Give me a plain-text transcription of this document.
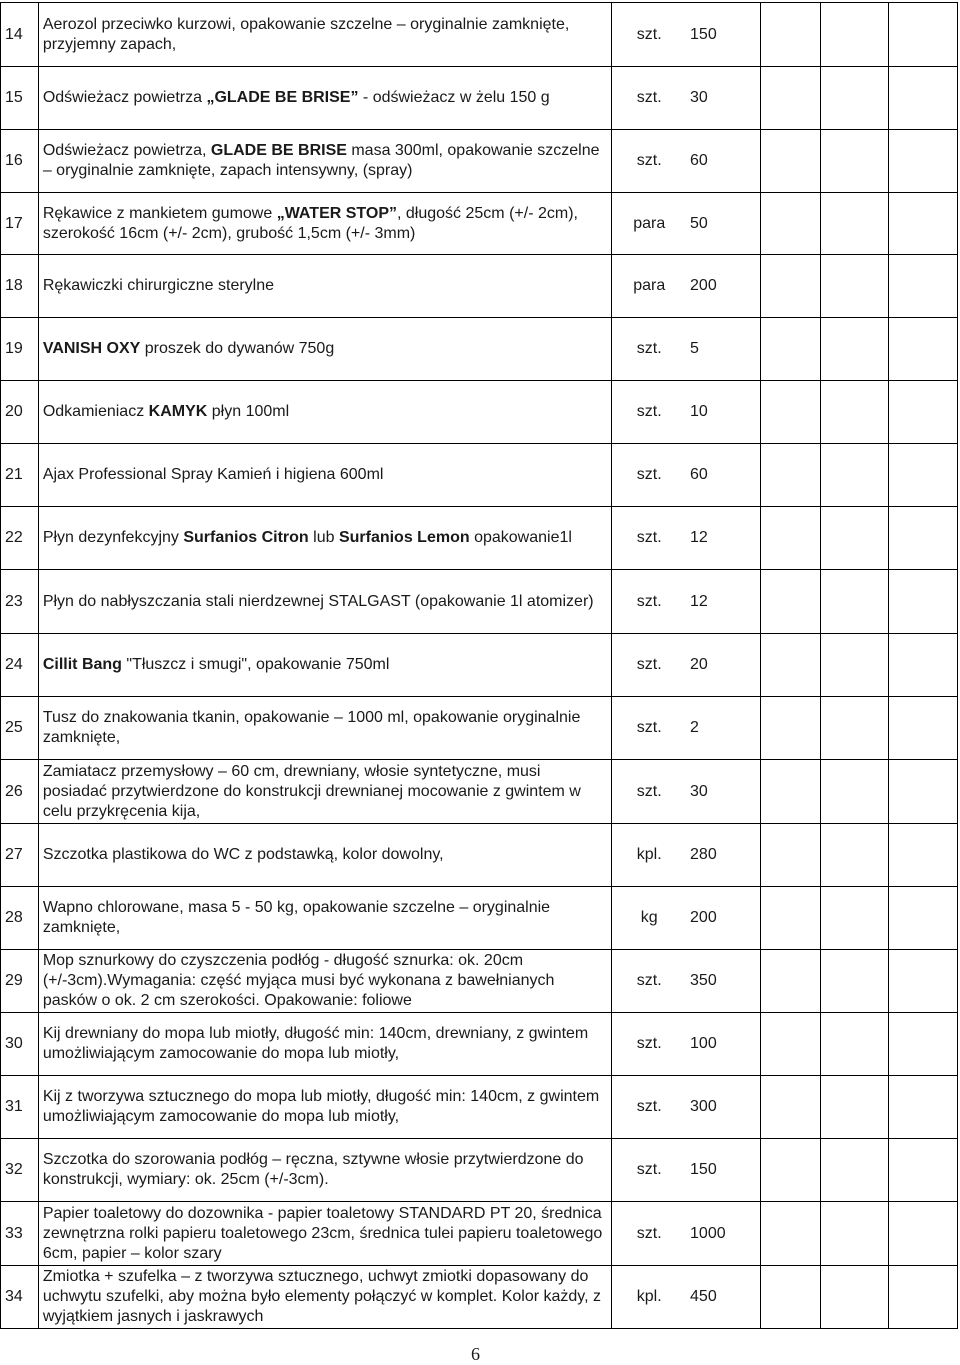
14	Aerozol przeciwko kurzowi, opakowanie szczelne – oryginalnie zamknięte, przyjemny zapach,	szt.	150			
15	Odświeżacz powietrza „GLADE BE BRISE” - odświeżacz w żelu 150 g	szt.	30			
16	Odświeżacz powietrza, GLADE BE BRISE masa 300ml, opakowanie szczelne – oryginalnie zamknięte, zapach intensywny, (spray)	szt.	60			
17	Rękawice z mankietem gumowe „WATER STOP”, długość 25cm (+/- 2cm), szerokość 16cm (+/- 2cm), grubość 1,5cm (+/- 3mm)	para	50			
18	Rękawiczki chirurgiczne sterylne	para	200			
19	VANISH OXY proszek do dywanów 750g	szt.	5			
20	Odkamieniacz KAMYK płyn 100ml	szt.	10			
21	Ajax Professional Spray Kamień i higiena 600ml	szt.	60			
22	Płyn dezynfekcyjny Surfanios Citron lub Surfanios Lemon opakowanie1l	szt.	12			
23	Płyn do nabłyszczania stali nierdzewnej STALGAST (opakowanie 1l atomizer)	szt.	12			
24	Cillit Bang "Tłuszcz i smugi", opakowanie 750ml	szt.	20			
25	Tusz do znakowania tkanin, opakowanie – 1000 ml, opakowanie oryginalnie zamknięte,	szt.	2			
26	Zamiatacz przemysłowy – 60 cm, drewniany, włosie syntetyczne, musi posiadać przytwierdzone do konstrukcji drewnianej mocowanie z gwintem w celu przykręcenia kija,	szt.	30			
27	Szczotka plastikowa do WC z podstawką, kolor dowolny,	kpl.	280			
28	Wapno chlorowane, masa 5 - 50 kg, opakowanie szczelne – oryginalnie zamknięte,	kg	200			
29	Mop sznurkowy do czyszczenia podłóg - długość sznurka: ok. 20cm (+/-3cm).Wymagania: część myjąca musi być wykonana z bawełnianych pasków o ok. 2 cm szerokości. Opakowanie: foliowe	szt.	350			
30	Kij drewniany do mopa lub miotły, długość min: 140cm, drewniany, z gwintem umożliwiającym zamocowanie do mopa lub miotły,	szt.	100			
31	Kij z tworzywa sztucznego do mopa lub miotły, długość min: 140cm, z gwintem umożliwiającym zamocowanie do mopa lub miotły,	szt.	300			
32	Szczotka do szorowania podłóg – ręczna, sztywne włosie przytwierdzone do konstrukcji, wymiary: ok. 25cm (+/-3cm).	szt.	150			
33	Papier toaletowy do dozownika - papier toaletowy STANDARD PT 20, średnica zewnętrzna rolki papieru toaletowego 23cm, średnica tulei papieru toaletowego 6cm, papier – kolor szary	szt.	1000			
34	Zmiotka + szufelka – z tworzywa sztucznego, uchwyt zmiotki dopasowany do uchwytu szufelki, aby można było elementy połączyć w komplet. Kolor każdy, z wyjątkiem jasnych i jaskrawych	kpl.	450			
6
